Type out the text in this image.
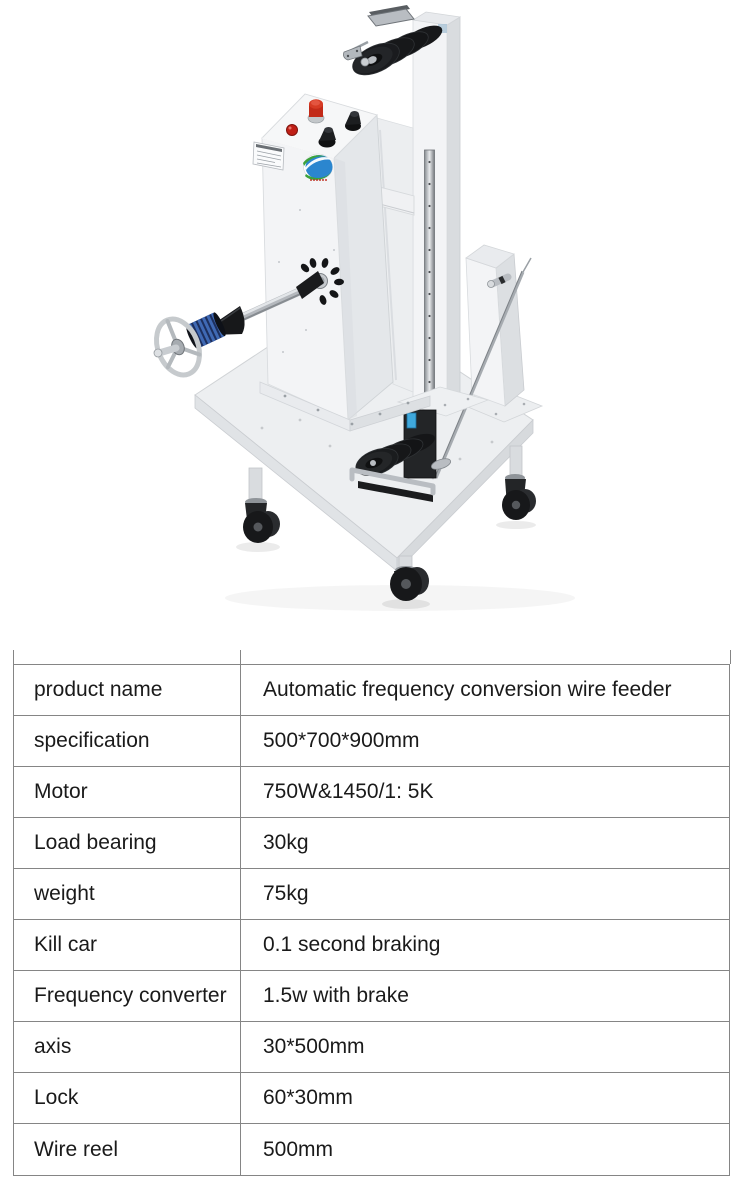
product name	Automatic frequency conversion wire feeder
specification	500*700*900mm
Motor	750W&1450/1: 5K
Load bearing	30kg
weight	75kg
Kill car	0.1 second braking
Frequency converter	1.5w with brake
axis	30*500mm
Lock	60*30mm
Wire reel	500mm
